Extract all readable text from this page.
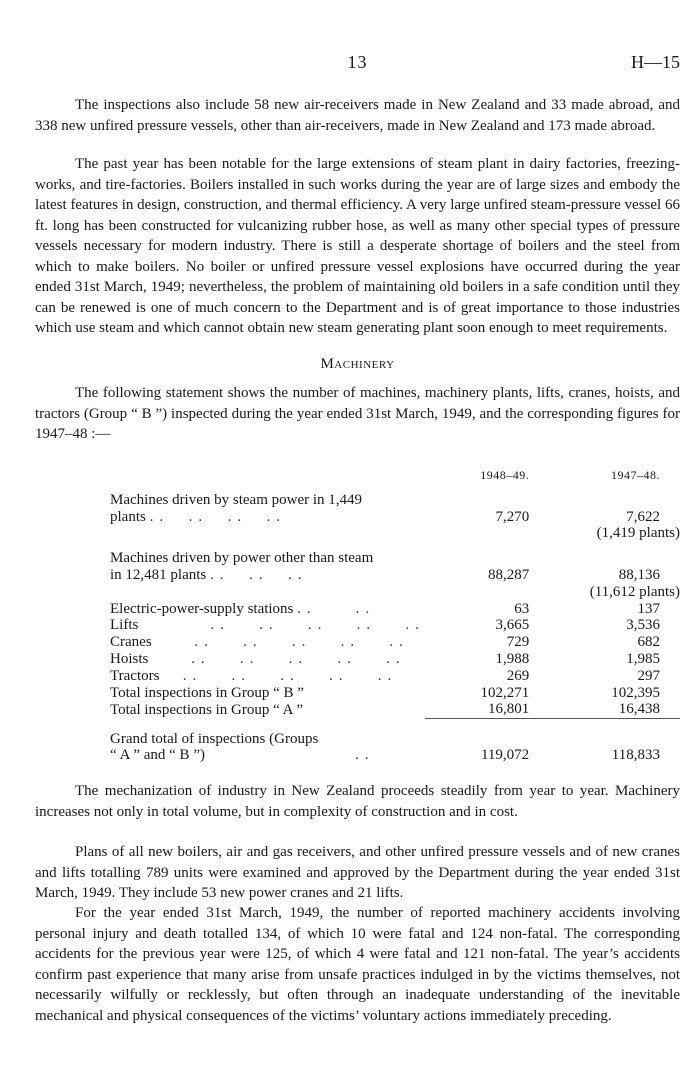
13	H—15

The inspections also include 58 new air-receivers made in New Zealand and 33 made abroad, and 338 new unfired pressure vessels, other than air-receivers, made in New Zealand and 173 made abroad.

The past year has been notable for the large extensions of steam plant in dairy factories, freezing-works, and tire-factories. Boilers installed in such works during the year are of large sizes and embody the latest features in design, construction, and thermal efficiency. A very large unfired steam-pressure vessel 66 ft. long has been constructed for vulcanizing rubber hose, as well as many other special types of pressure vessels necessary for modern industry. There is still a desperate shortage of boilers and the steel from which to make boilers. No boiler or unfired pressure vessel explosions have occurred during the year ended 31st March, 1949; nevertheless, the problem of maintaining old boilers in a safe condition until they can be renewed is one of much concern to the Department and is of great importance to those industries which use steam and which cannot obtain new steam generating plant soon enough to meet requirements.

Machinery

The following statement shows the number of machines, machinery plants, lifts, cranes, hoists, and tractors (Group “ B ”) inspected during the year ended 31st March, 1949, and the corresponding figures for 1947–48 :—

	1948–49.	1947–48.

Machines driven by steam power in 1,449		
plants ..  ..  ..  ..	7,270	7,622
		(1,419 plants)

Machines driven by power other than steam		
in 12,481 plants ..  ..  ..	88,287	88,136
		(11,612 plants)
Electric-power-supply stations ..    ..	63	137
Lifts        ..   ..   ..   ..   ..	3,665	3,536
Cranes     ..   ..   ..   ..   ..	729	682
Hoists     ..   ..   ..   ..   ..	1,988	1,985
Tractors   ..   ..   ..   ..   ..	269	297
Total inspections in Group “ B ”	102,271	102,395
Total inspections in Group “ A ”	16,801	16,438

Grand total of inspections (Groups		
“ A ” and “ B ”)                ..	119,072	118,833

The mechanization of industry in New Zealand proceeds steadily from year to year. Machinery increases not only in total volume, but in complexity of construction and in cost.

Plans of all new boilers, air and gas receivers, and other unfired pressure vessels and of new cranes and lifts totalling 789 units were examined and approved by the Department during the year ended 31st March, 1949. They include 53 new power cranes and 21 lifts.

For the year ended 31st March, 1949, the number of reported machinery accidents involving personal injury and death totalled 134, of which 10 were fatal and 124 non-fatal. The corresponding accidents for the previous year were 125, of which 4 were fatal and 121 non-fatal. The year’s accidents confirm past experience that many arise from unsafe practices indulged in by the victims themselves, not necessarily wilfully or recklessly, but often through an inadequate understanding of the inevitable mechanical and physical consequences of the victims’ voluntary actions immediately preceding.
